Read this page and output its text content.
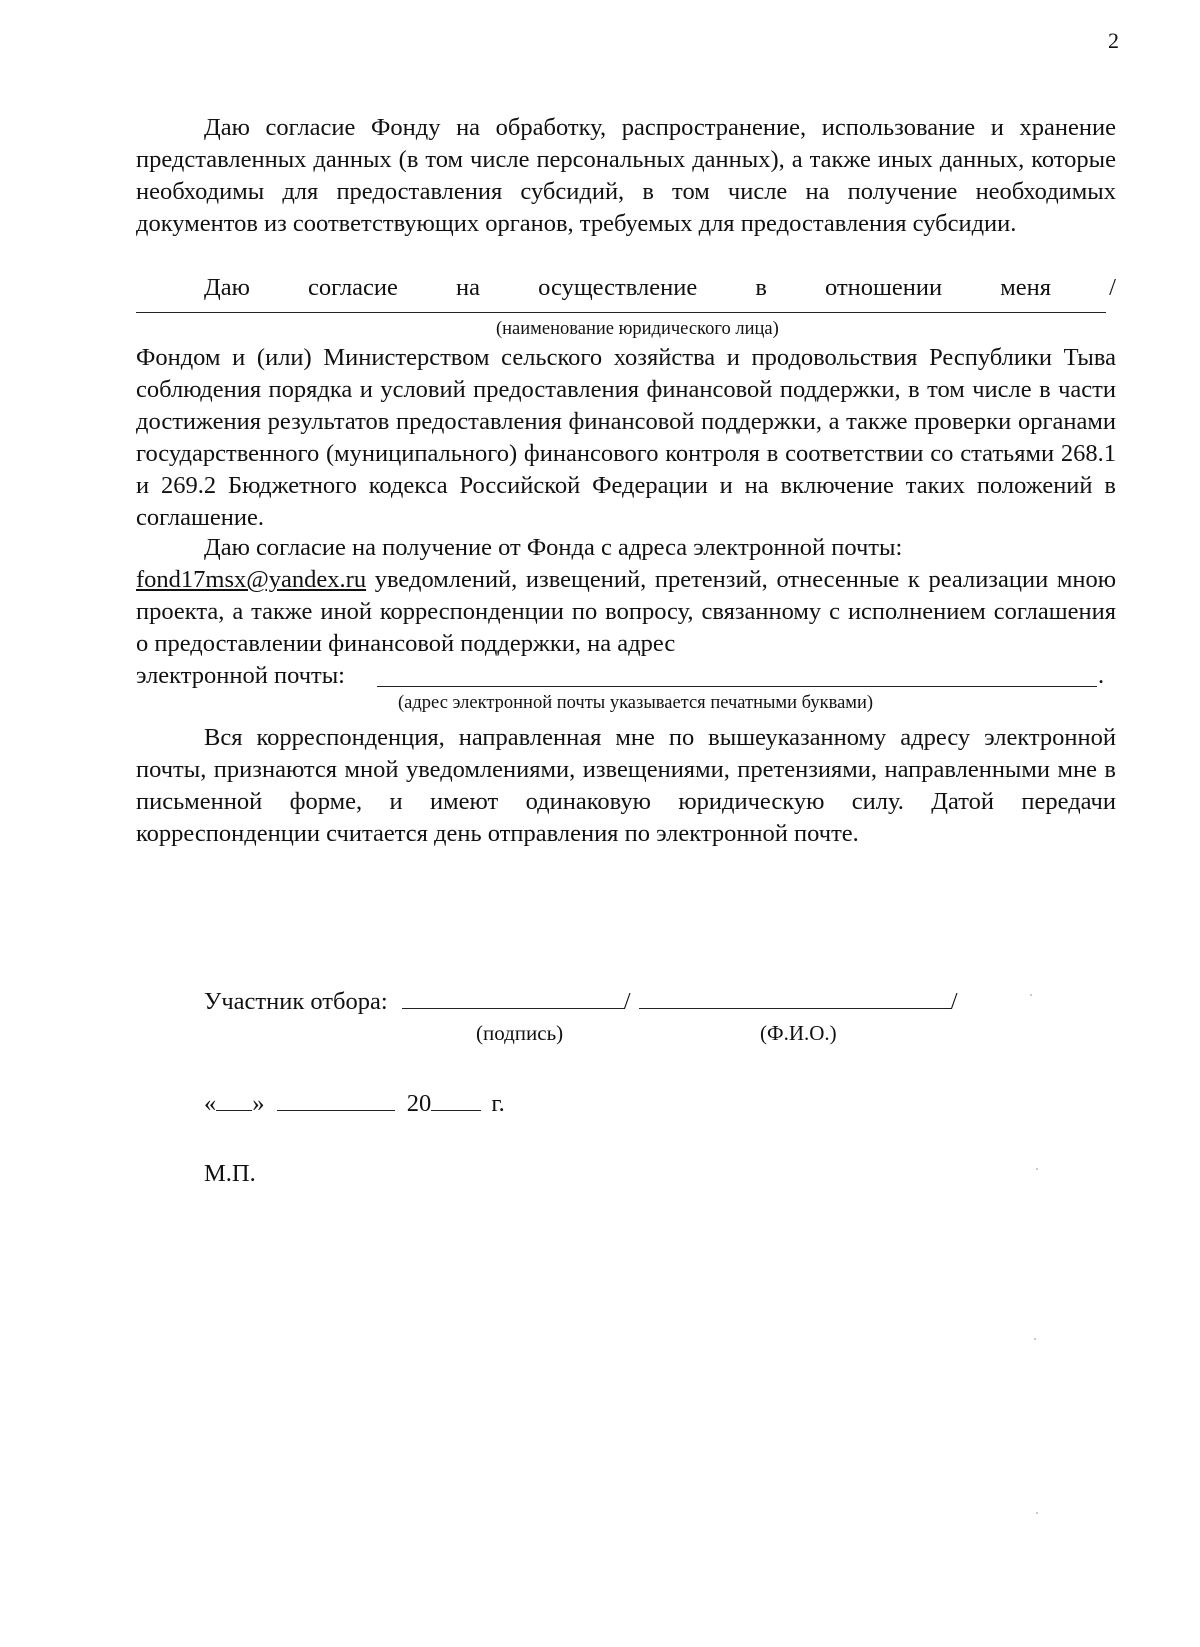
2
Даю согласие Фонду на обработку, распространение, использование и хранение представленных данных (в том числе персональных данных), а также иных данных, которые необходимы для предоставления субсидий, в том числе на получение необходимых документов из соответствующих органов, требуемых для предоставления субсидии.
Даю согласие на осуществление в отношении меня /
(наименование юридического лица)
Фондом и (или) Министерством сельского хозяйства и продовольствия Республики Тыва соблюдения порядка и условий предоставления финансовой поддержки, в том числе в части достижения результатов предоставления финансовой поддержки, а также проверки органами государственного (муниципального) финансового контроля в соответствии со статьями 268.1 и 269.2 Бюджетного кодекса Российской Федерации и на включение таких положений в соглашение.
Даю согласие на получение от Фонда с адреса электронной почты:
fond17msx@yandex.ru уведомлений, извещений, претензий, отнесенные к реализации мною проекта, а также иной корреспонденции по вопросу, связанному с исполнением соглашения о предоставлении финансовой поддержки, на адрес
электронной почты:	.
(адрес электронной почты указывается печатными буквами)
Вся корреспонденция, направленная мне по вышеуказанному адресу электронной почты, признаются мной уведомлениями, извещениями, претензиями, направленными мне в письменной форме, и имеют одинаковую юридическую силу. Датой передачи корреспонденции считается день отправления по электронной почте.
Участник отбора:	/	/
(подпись)	(Ф.И.О.)
« »	20 г.
М.П.
